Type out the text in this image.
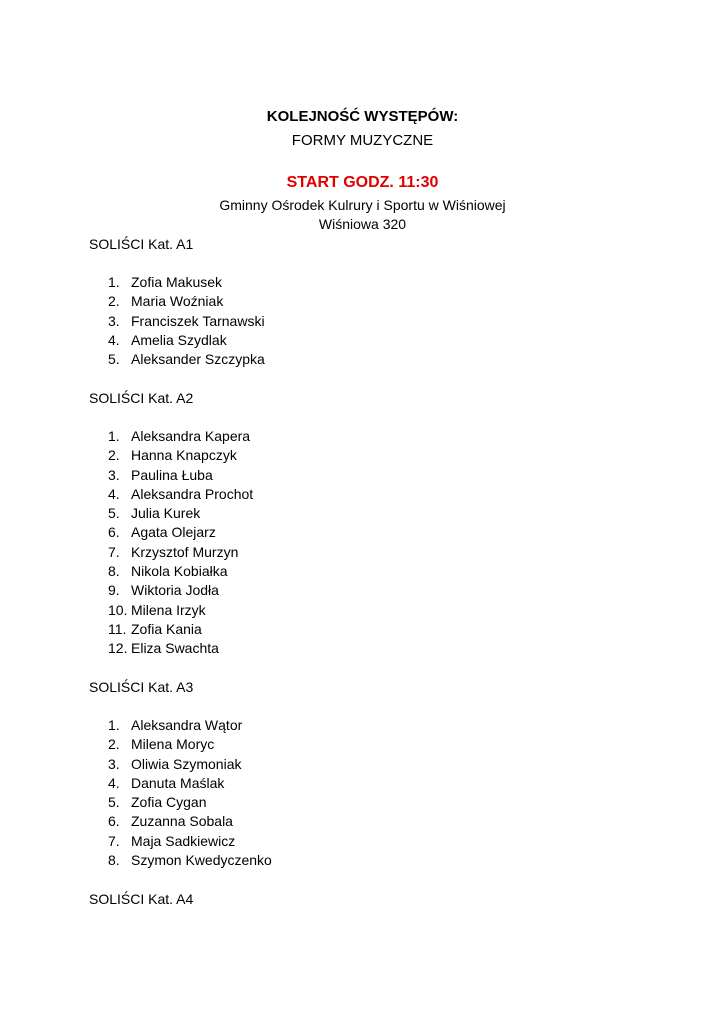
KOLEJNOŚĆ WYSTĘPÓW:
FORMY MUZYCZNE
START GODZ. 11:30
Gminny Ośrodek Kulrury i Sportu w Wiśniowej
Wiśniowa 320
SOLIŚCI Kat. A1
1. Zofia Makusek
2. Maria Woźniak
3. Franciszek Tarnawski
4. Amelia Szydlak
5. Aleksander Szczypka
SOLIŚCI Kat. A2
1. Aleksandra Kapera
2. Hanna Knapczyk
3. Paulina Łuba
4. Aleksandra Prochot
5. Julia Kurek
6. Agata Olejarz
7. Krzysztof Murzyn
8. Nikola Kobiałka
9. Wiktoria Jodła
10. Milena Irzyk
11. Zofia Kania
12. Eliza Swachta
SOLIŚCI Kat. A3
1. Aleksandra Wątor
2. Milena Moryc
3. Oliwia Szymoniak
4. Danuta Maślak
5. Zofia Cygan
6. Zuzanna Sobala
7. Maja Sadkiewicz
8. Szymon Kwedyczenko
SOLIŚCI Kat. A4
